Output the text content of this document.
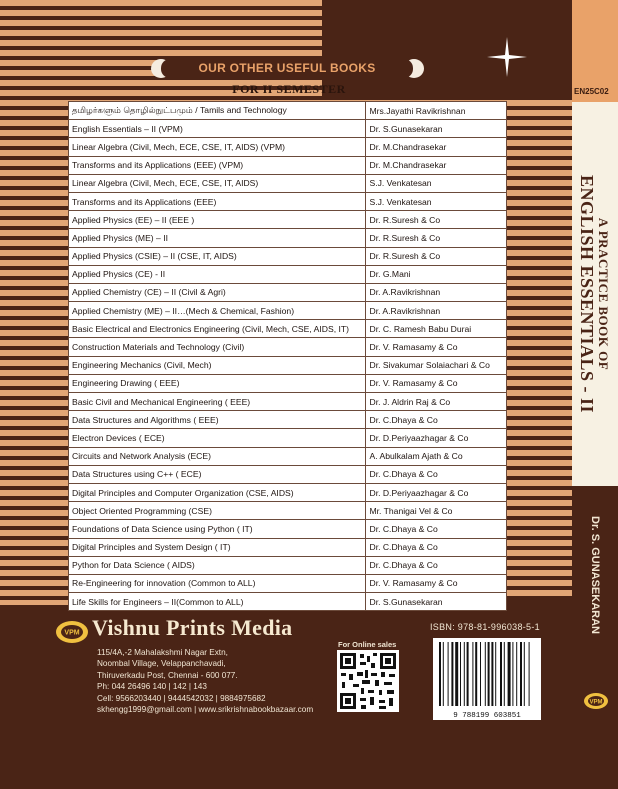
OUR OTHER USEFUL BOOKS
FOR II SEMESTER
தமிழர்களும் தொழில்நுட்பமும் / Tamils and Technology	Mrs.Jayathi Ravikrishnan
English Essentials – II (VPM)	Dr. S.Gunasekaran
Linear Algebra (Civil, Mech, ECE, CSE, IT, AIDS) (VPM)	Dr. M.Chandrasekar
Transforms and its Applications (EEE) (VPM)	Dr. M.Chandrasekar
Linear Algebra (Civil, Mech, ECE, CSE, IT, AIDS)	S.J. Venkatesan
Transforms and its Applications (EEE)	S.J. Venkatesan
Applied Physics (EE) – II (EEE )	Dr. R.Suresh & Co
Applied Physics (ME) – II	Dr. R.Suresh & Co
Applied Physics (CSIE) – II (CSE, IT, AIDS)	Dr. R.Suresh & Co
Applied Physics (CE) - II	Dr. G.Mani
Applied Chemistry (CE) – II (Civil & Agri)	Dr. A.Ravikrishnan
Applied Chemistry (ME) – II…(Mech & Chemical, Fashion)	Dr. A.Ravikrishnan
Basic Electrical and Electronics Engineering (Civil, Mech, CSE, AIDS, IT)	Dr. C. Ramesh Babu Durai
Construction Materials and Technology (Civil)	Dr. V. Ramasamy & Co
Engineering Mechanics (Civil, Mech)	Dr. Sivakumar Solaiachari & Co
Engineering Drawing ( EEE)	Dr. V. Ramasamy & Co
Basic Civil and Mechanical Engineering ( EEE)	Dr. J. Aldrin Raj & Co
Data Structures and Algorithms ( EEE)	Dr. C.Dhaya & Co
Electron Devices ( ECE)	Dr. D.Periyaazhagar & Co
Circuits and Network Analysis (ECE)	A. Abulkalam Ajath & Co
Data Structures using C++ ( ECE)	Dr. C.Dhaya & Co
Digital Principles and Computer Organization (CSE, AIDS)	Dr. D.Periyaazhagar & Co
Object Oriented Programming (CSE)	Mr. Thanigai Vel & Co
Foundations of Data Science using Python ( IT)	Dr. C.Dhaya & Co
Digital Principles and System Design ( IT)	Dr. C.Dhaya & Co
Python for Data Science ( AIDS)	Dr. C.Dhaya & Co
Re-Engineering for innovation (Common to ALL)	Dr. V. Ramasamy & Co
Life Skills for Engineers – II(Common to ALL)	Dr. S.Gunasekaran
EN25C02
A PRACTICE BOOK OF
ENGLISH ESSENTIALS - II
Dr. S. GUNASEKARAN
VPM
VPM Vishnu Prints Media
115/4A,-2 Mahalakshmi Nagar Extn,
Noombal Village, Velappanchavadi,
Thiruverkadu Post, Chennai - 600 077.
Ph: 044 26496 140 | 142 | 143
Cell: 9566203440 | 9444542032 | 9884975682
skhengg1999@gmail.com | www.srikrishnabookbazaar.com
For Online sales
ISBN: 978-81-996038-5-1
9 788199 603851
